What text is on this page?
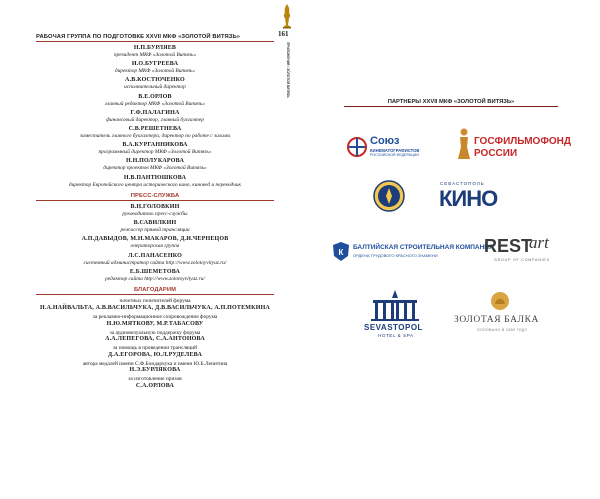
161
ПРИЛОЖЕНИЯ • ЗОЛОТОЙ ВИТЯЗЬ
РАБОЧАЯ ГРУППА ПО ПОДГОТОВКЕ XXVII МКФ «ЗОЛОТОЙ ВИТЯЗЬ»
Н.П.БУРЛЯЕВ
президент МКФ «Золотой Витязь»
И.О.БУГРЕЕВА
директор МКФ «Золотой Витязь»
А.В.КОСТЮЧЕНКО
исполнительный директор
В.Е.ОРЛОВ
главный редактор МКФ «Золотой Витязь»
Г.Ф.ПАЛАГИНА
финансовый директор, главный бухгалтер
С.В.РЕШЕТНЕВА
заместитель главного бухгалтера, директор по работе с залами
В.А.КУРГАННИКОВА
программный директор МКФ «Золотой Витязь»
Н.Н.ПОЛУКАРОВА
директор проектов МКФ «Золотой Витязь»
Н.В.ПАНТЮШКОВА
директор Европейского центра исторического кино, киновед и переводчик
ПРЕСС-СЛУЖБА
В.Н.ГОЛОВКИН
руководитель пресс-службы
В.САВИЛКИН
режиссер прямой трансляции
А.П.ДАВЫДОВ, М.Н.МАКАРОВ, Д.И.ЧЕРНЕЦОВ
операторская группа
Л.С.ПАНАСЕНКО
системный администратор сайта http://www.zolotoyvityaz.ru/
Е.Б.ШЕМЕТОВА
редактор сайта http://www.zolotoyvityaz.ru/
БЛАГОДАРИМ
почетных попечителей форума
Н.А.НАЙВАЛЬТА, А.В.ВАСИЛЬЧУКА, Д.В.ВАСИЛЬЧУКА, А.П.ПОТЕМКИНА
за рекламно-информационное сопровождение форума
Н.Ю.МЯТКОВУ, М.Р.ТАБАСОВУ
за аудиовизуальную поддержку форума
А.А.ЛЕПЕГОВА, С.А.АНТОНОВА
за помощь в проведении трансляций
Д.А.ЕГОРОВА, Ю.Л.РУДЕЛЕВА
автора медалей имени С.Ф.Бондарчука и имени Ю.Б.Ленитина
Н.Э.БУРЛЯКОВА
за изготовление призов
С.А.ОРЛОВА
ПАРТНЕРЫ XXVII МКФ «ЗОЛОТОЙ ВИТЯЗЬ»
Союз
КИНЕМАТОГРАФИСТОВ
РОССИЙСКОЙ ФЕДЕРАЦИИ
ГОСФИЛЬМОФОНД
РОССИИ
СЕВАСТОПОЛЬ
КИНО
К
БАЛТИЙСКАЯ СТРОИТЕЛЬНАЯ КОМПАНИЯ
ОРДЕНА ТРУДОВОГО КРАСНОГО ЗНАМЕНИ	REST
art
GROUP OF COMPANIES
SEVASTOPOL
HOTEL & SPA
ЗОЛОТАЯ БАЛКА
ОСНОВАНО В 1889 ГОДУ
